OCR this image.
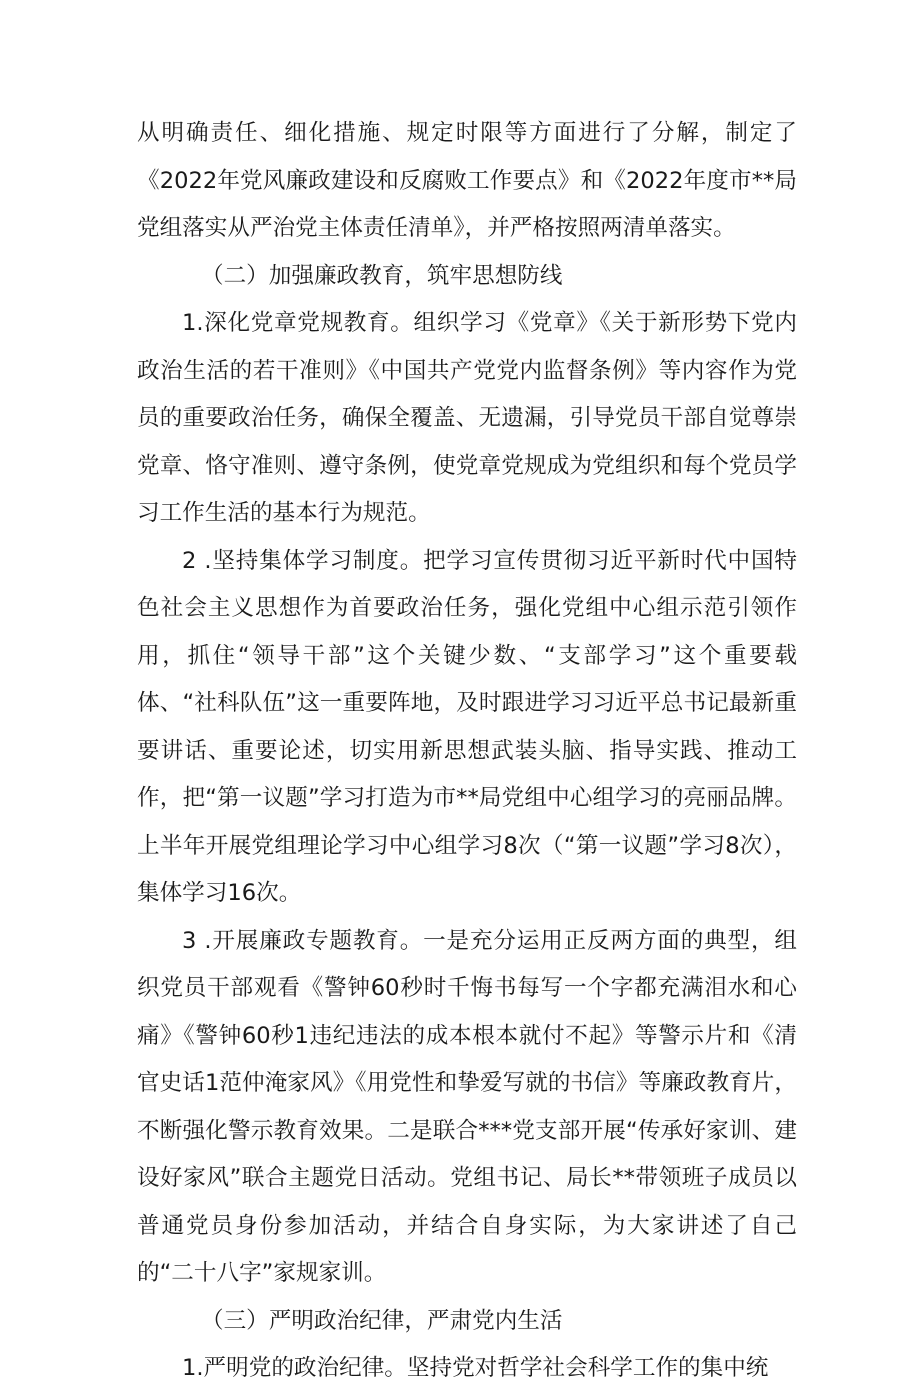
从明确责任、细化措施、规定时限等方面进行了分解，制定了《2022年党风廉政建设和反腐败工作要点》和《2022年度市**局党组落实从严治党主体责任清单》，并严格按照两清单落实。

（二）加强廉政教育，筑牢思想防线

1.深化党章党规教育。组织学习《党章》《关于新形势下党内政治生活的若干准则》《中国共产党党内监督条例》等内容作为党员的重要政治任务，确保全覆盖、无遗漏，引导党员干部自觉尊崇党章、恪守准则、遵守条例，使党章党规成为党组织和每个党员学习工作生活的基本行为规范。

2 .坚持集体学习制度。把学习宣传贯彻习近平新时代中国特色社会主义思想作为首要政治任务，强化党组中心组示范引领作用，抓住“领导干部”这个关键少数、“支部学习”这个重要载体、“社科队伍”这一重要阵地，及时跟进学习习近平总书记最新重要讲话、重要论述，切实用新思想武装头脑、指导实践、推动工作，把“第一议题”学习打造为市**局党组中心组学习的亮丽品牌。上半年开展党组理论学习中心组学习8次（“第一议题”学习8次），集体学习16次。

3 .开展廉政专题教育。一是充分运用正反两方面的典型，组织党员干部观看《警钟60秒时千悔书每写一个字都充满泪水和心痛》《警钟60秒1违纪违法的成本根本就付不起》等警示片和《清官史话1范仲淹家风》《用党性和挚爱写就的书信》等廉政教育片，不断强化警示教育效果。二是联合***党支部开展“传承好家训、建设好家风”联合主题党日活动。党组书记、局长**带领班子成员以普通党员身份参加活动，并结合自身实际，为大家讲述了自己的“二十八字”家规家训。

（三）严明政治纪律，严肃党内生活

1.严明党的政治纪律。坚持党对哲学社会科学工作的集中统
